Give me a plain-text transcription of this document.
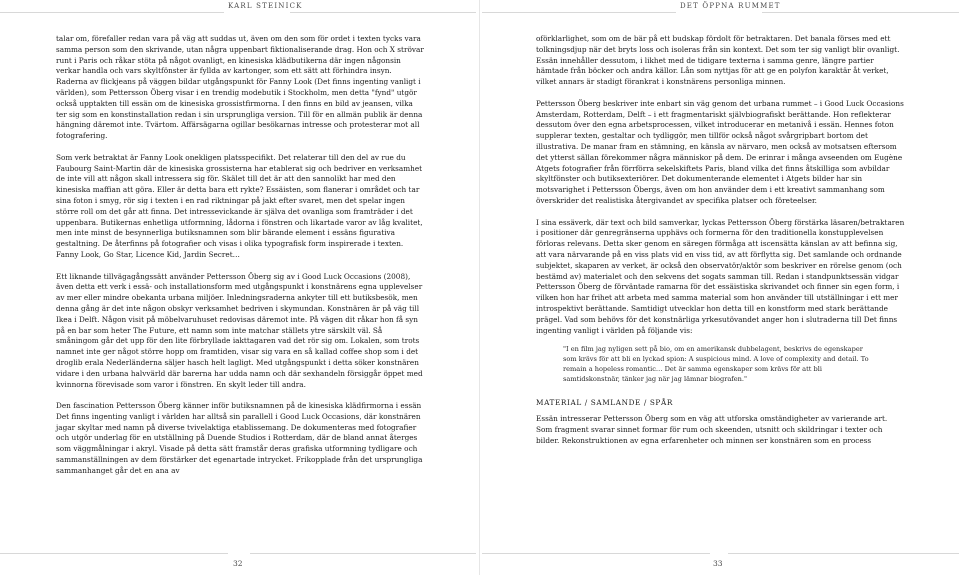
KARL STEINICK	DET ÖPPNA RUMMET

talar om, förefaller redan vara på väg att suddas ut, även om den som för ordet i texten tycks vara samma person som den skrivande, utan några uppenbart fiktionaliserande drag. Hon och X strövar runt i Paris och råkar stöta på något ovanligt, en kinesiska klädbutikerna där ingen någonsin verkar handla och vars skyltfönster är fyllda av kartonger, som ett sätt att förhindra insyn. Raderna av flickjeans på väggen bildar utgångspunkt för Fanny Look (Det finns ingenting vanligt i världen), som Pettersson Öberg visar i en trendig modebutik i Stockholm, men detta "fynd" utgör också upptakten till essän om de kinesiska grossistfirmorna. I den finns en bild av jeansen, vilka ter sig som en konstinstallation redan i sin ursprungliga version. Till för en allmän publik är denna hängning däremot inte. Tvärtom. Affärsägarna ogillar besökarnas intresse och protesterar mot all fotografering.

Som verk betraktat är Fanny Look onekligen platsspecifikt. Det relaterar till den del av rue du Faubourg Saint-Martin där de kinesiska grossisterna har etablerat sig och bedriver en verksamhet de inte vill att någon skall intressera sig för. Skälet till det är att den sannolikt har med den kinesiska maffian att göra. Eller är detta bara ett rykte? Essäisten, som flanerar i området och tar sina foton i smyg, rör sig i texten i en rad riktningar på jakt efter svaret, men det spelar ingen större roll om det går att finna. Det intressevickande är själva det ovanliga som framträder i det uppenbara. Butikernas enhetliga utformning, lådorna i fönstren och likartade varor av låg kvalitet, men inte minst de besynnerliga butiksnamnen som blir bärande element i essäns figurativa gestaltning. De återfinns på fotografier och visas i olika typografisk form inspirerade i texten. Fanny Look, Go Star, Licence Kid, Jardin Secret…

Ett liknande tillvägagångssätt använder Pettersson Öberg sig av i Good Luck Occasions (2008), även detta ett verk i essä- och installationsform med utgångspunkt i konstnärens egna upplevelser av mer eller mindre obekanta urbana miljöer. Inledningsraderna ankyter till ett butiksbesök, men denna gång är det inte någon obskyr verksamhet bedriven i skymundan. Konstnären är på väg till Ikea i Delft. Någon visit på möbelvaruhuset redovisas däremot inte. På vägen dit råkar hon få syn på en bar som heter The Future, ett namn som inte matchar ställets ytre särskilt väl. Så småningom går det upp för den lite förbryllade iakttagaren vad det rör sig om. Lokalen, som trots namnet inte ger något större hopp om framtiden, visar sig vara en så kallad coffee shop som i det droglib erala Nederländerna säljer hasch helt lagligt. Med utgångspunkt i detta söker konstnären vidare i den urbana halvvärld där barerna har udda namn och där sexhandeln försiggår öppet med kvinnorna förevisade som varor i fönstren. En skylt leder till andra.

Den fascination Pettersson Öberg känner inför butiksnamnen på de kinesiska klädfirmorna i essän Det finns ingenting vanligt i världen har alltså sin parallell i Good Luck Occasions, där konstnären jagar skyltar med namn på diverse tvivelaktiga etablissemang. De dokumenteras med fotografier och utgör underlag för en utställning på Duende Studios i Rotterdam, där de bland annat återges som väggmålningar i akryl. Visade på detta sätt framstår deras grafiska utformning tydligare och sammanställningen av dem förstärker det egenartade intrycket. Frikopplade från det ursprungliga sammanhanget går det en ana av

oförklarlighet, som om de bär på ett budskap fördolt för betraktaren. Det banala förses med ett tolkningsdjup när det bryts loss och isoleras från sin kontext. Det som ter sig vanligt blir ovanligt. Essän innehåller dessutom, i likhet med de tidigare texterna i samma genre, längre partier hämtade från böcker och andra källor. Lån som nyttjas för att ge en polyfon karaktär åt verket, vilket annars är stadigt förankrat i konstnärens personliga minnen.

Pettersson Öberg beskriver inte enbart sin väg genom det urbana rummet – i Good Luck Occasions Amsterdam, Rotterdam, Delft – i ett fragmentariskt självbiografiskt berättande. Hon reflekterar dessutom över den egna arbetsprocessen, vilket introducerar en metanivå i essän. Hennes foton supplerar texten, gestaltar och tydliggör, men tillför också något svårgripbart bortom det illustrativa. De manar fram en stämning, en känsla av närvaro, men också av motsatsen eftersom det ytterst sällan förekommer några människor på dem. De erinrar i många avseenden om Eugène Atgets fotografier från förrförra sekelskiftets Paris, bland vilka det finns åtskilliga som avbildar skyltfönster och butiksexteriörer. Det dokumenterande elementet i Atgets bilder har sin motsvarighet i Pettersson Öbergs, även om hon använder dem i ett kreativt sammanhang som överskrider det realistiska återgivandet av specifika platser och företeelser.

I sina essäverk, där text och bild samverkar, lyckas Pettersson Öberg förstärka läsaren/betraktaren i positioner där genregränserna upphävs och formerna för den traditionella konstupplevelsen förloras relevans. Detta sker genom en säregen förmåga att iscensätta känslan av att befinna sig, att vara närvarande på en viss plats vid en viss tid, av att förflytta sig. Det samlande och ordnande subjektet, skaparen av verket, är också den observatör/aktör som beskriver en rörelse genom (och bestämd av) materialet och den sekvens det sogats samman till. Redan i standpunktsessän vidgar Pettersson Öberg de förväntade ramarna för det essäistiska skrivandet och finner sin egen form, i vilken hon har frihet att arbeta med samma material som hon använder till utställningar i ett mer introspektivt berättande. Samtidigt utvecklar hon detta till en konstform med stark berättande prägel. Vad som behövs för det konstnärliga yrkesutövandet anger hon i slutraderna till Det finns ingenting vanligt i världen på följande vis:

"I en film jag nyligen sett på bio, om en amerikansk dubbelagent, beskrivs de egenskaper som krävs för att bli en lyckad spion: A suspicious mind. A love of complexity and detail. To remain a hopeless romantic… Det är samma egenskaper som krävs för att bli samtidskonstnär, tänker jag när jag lämnar biografen."
MATERIAL / SAMLANDE / SPÅR

Essän intresserar Pettersson Öberg som en väg att utforska omständigheter av varierande art. Som fragment svarar sinnet formar för rum och skeenden, utsnitt och skildringar i texter och bilder. Rekonstruktionen av egna erfarenheter och minnen ser konstnären som en process

32	33
